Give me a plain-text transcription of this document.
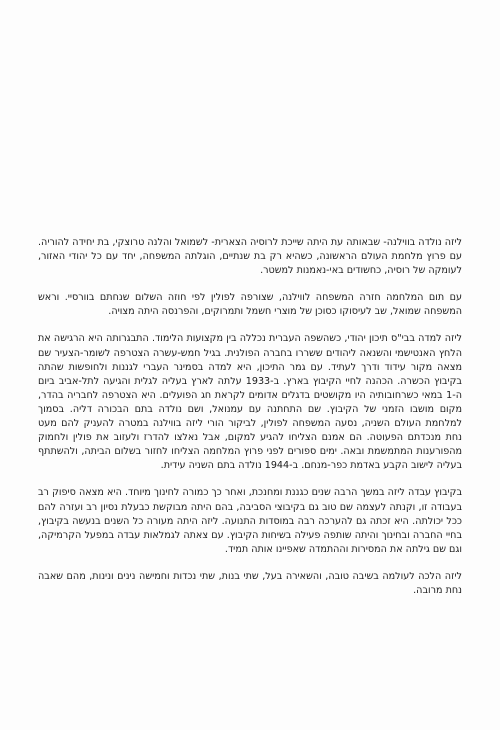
ליזה נולדה בווילנה- שבאותה עת היתה שייכת לרוסיה הצארית- לשמואל והלנה טרוצקי, בת יחידה להוריה. עם פרוץ מלחמת העולם הראשונה, כשהיא רק בת שנתיים, הוגלתה המשפחה, יחד עם כל יהודי האזור, לעומקה של רוסיה, כחשודים באי-נאמנות למשטר.

עם תום המלחמה חזרה המשפחה לווילנה, שצורפה לפולין לפי חוזה השלום שנחתם בוורסיי. וראש המשפחה שמואל, שב לעיסוקו כסוכן של מוצרי חשמל ותמרוקים, והפרנסה היתה מצויה.

ליזה למדה בבי"ס תיכון יהודי, כשהשפה העברית נכללה בין מקצועות הלימוד. התבגרותה היא הרגישה את הלחץ האנטישמי והשנאה ליהודים ששררו בחברה הפולנית. בגיל חמש-עשרה הצטרפה לשומר-הצעיר שם מצאה מקור עידוד ודרך לעתיד. עם גמר התיכון, היא למדה בסמינר העברי לגננות ולחופשות שהתה בקיבוץ הכשרה. הכהנה לחיי הקיבוץ בארץ. ב-1933 עלתה לארץ בעליה לגלית והגיעה לתל-אביב ביום ה-1 במאי כשרחובותיה היו מקושטים בדגלים אדומים לקראת חג הפועלים. היא הצטרפה לחבריה בהדר, מקום מושבו הזמני של הקיבוץ. שם התחתנה עם עמנואל, ושם נולדה בתם הבכורה דליה. בסמוך למלחמת העולם השניה, נסעה המשפחה לפולין, לביקור הורי ליזה בווילנה במטרה להעניק להם מעט נחת מנכדתם הפעוטה. הם אמנם הצליחו להגיע למקום, אבל נאלצו להדרז ולעזוב את פולין ולחמוק מהפורענות המתמשמת ובאה. ימים ספורים לפני פרוץ המלחמה הצליחו לחזור בשלום הביתה, ולהשתתף בעליה לישוב הקבע באדמת כפר-מנחם. ב-1944 נולדה בתם השניה עידית.

בקיבוץ עבדה ליזה במשך הרבה שנים כגננת ומחנכת, ואחר כך כמורה לחינוך מיוחד. היא מצאה סיפוק רב בעבודה זו, וקנתה לעצמה שם טוב גם בקיבוצי הסביבה, בהם היתה מבוקשת כבעלת נסיון רב ועזרה להם ככל יכולתה. היא זכתה גם להערכה רבה במוסדות התנועה. ליזה היתה מעורה כל השנים בנעשה בקיבוץ, בחיי החברה ובחינוך והיתה שותפה פעילה בשיחות הקיבוץ. עם צאתה לגמלאות עבדה במפעל הקרמיקה, וגם שם גילתה את המסירות וההתמדה שאפיינו אותה תמיד.

ליזה הלכה לעולמה בשיבה טובה, והשאירה בעל, שתי בנות, שתי נכדות וחמישה נינים ונינות, מהם שאבה נחת מרובה.
